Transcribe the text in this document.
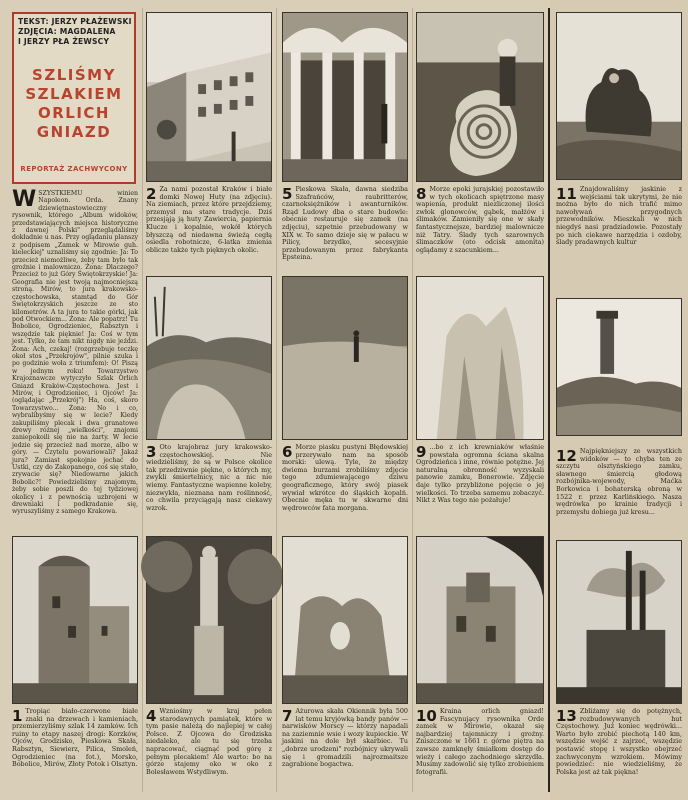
TEKST: JERZY PŁAŻEWSKI
ZDJĘCIA: MAGDALENA
I JERZY PŁA ŻEWSCY
SZLIŚMY
SZLAKIEM
ORLICH
GNIAZD
REPORTAŻ ZACHWYCONY
WSZYSTKIEMU winien Napoleon. Orda. Znany dziewiętnastowieczny rysownik, którego „Album widoków, przedstawiających miejsca historyczne z dawnej Polski" przeglądaliśmy dokładnie u nas. Przy oglądaniu planszy z podpisem „Zamek w Mirowie guh. kieleckiej" uznaliśmy się zgodnie: Ja: To przecież niemożliwe, żeby tam było tak groźnie i malowniczo. Żona: Dlaczego? Przecież to już Góry Świętokrzyskie! Ja: Geografia nie jest twoją najmocniejszą stroną. Mirów, to jura krakowsko-częstochowska, stamtąd do Gór Świętokrzyskich jeszcze ze sto kilometrów. A ta jura to takie górki, jak pod Otwockiem... Żona: Ale popatrz! Tu Bobolice, Ogrodzieniec, Rabsztyn i wszędzie tak pięknie! Ja: Coś w tym jest. Tylko, że tam nikt nigdy nie jeździ. Żona: Ach, czekaj! (rozgrzebuje teczkę okoł stos „Przekrojów", pilnie szuka i po godzinie woła z triumfem): O! Piszą w jednym roku! Towarzystwo Krajoznawcze wytyczyło Szlak Orlich Gniazd Kraków-Częstochowa. Jest i Mirów, i Ogrodzieniec, i Ojców! Ja: (oglądając „Przekrój") Ha, coś, skoro Towarzystwo... Żona: No i co, wybralibyśmy się w lecie? Kiedy zakupiliśmy plecak i dwa granatowe drewy różnej „wielkości", znajomi zaniepokoili się nie na żarty. W lecie jedzie się przecież nad morze, albo w góry. — Czytelu powariowali? Jakaż jura? Zamiast spokojnie jechać do Ustki, czy do Zakopanego, coś się stało, zrywacie się? Niedowarne jakich Bobolic?! Powiedzieliśmy znajomym, żeby sobie poszli do tej tydziowej okolicy i z pewnością uzbrojeni w drewniaki i podkradanie się, wyruszyliśmy z samego Krakowa.
2 Za nami pozostał Kraków i białe domki Nowej Huty (na zdjęciu). Na ziemiach, przez które przejdziemy, przemysł ma stare tradycje. Dziś przesjąją ją huty Zawiercia, papiernia Klucze i kopalnie, wokół których błyszczą od niedawna świeżą cegłą osiedla robotnicze, 6-latka zmienia oblicze także tych pięknych okolic.
5 Pieskowa Skała, dawna siedziba Szafrańców, raubritterów, czarnoksiężników i awanturników. Rząd Ludowy dba o stare budowle: obecnie restauruje się zamek (na zdjęciu), szpetnie przebudowany w XIX w. To samo dzieje się w pałacu w Pilicy, brzydko, secesyjnie przebudowanym przez fabrykanta Epsteina.
8 Morze epoki jurajskiej pozostawiło w tych okolicach spiętrzone masy wapienia, produkt niezliczonej ilości zwłok glonowców, gąbek, małżów i ślimaków. Zamieniły się one w skały fantastycznejsze, bardziej malownicze niż Tatry. Ślady tych szarownych ślimaczków (oto odcisk amonita) oglądamy z szacunkiem...
11 Znajdowaliśmy jaskinie z wejściami tak ukrytymi, że nie można było do nich trafić mimo nawoływań przygodnych przewodników. Mieszkali w nich niegdyś nasi pradziadowie. Pozostały po nich ciekawe narzędzia i ozdoby, ślady pradawnych kultur
3 Oto krajobraz jury krakowsko-częstochowskiej. Nie wiedzieliśmy, że są w Polsce okolice tak przedziwnie piękne, o których my, zwykli śmiertelnicy, nic a nic nie wiemy. Fantastyczne wapienne koleby, niezwykła, nieznana nam roślinność, co chwila przyciągają nasz ciekawy wzrok.
6 Morze piasku pustyni Błędowskiej przerywało nam na sposób morski: ulewą. Tyle, że między dwiema burzami zrobiliśmy zdjęcie tego zdumiewającego dziwu geograficznego, który swój piasek wywiał wkrótce do śląskich kopalń. Obecnie męka tu w skwarne dni wędrowców fata morgana.
9 ...bo z ich krewniaków właśnie powstała ogromna ściana skalna Ogrodzieńca i inne, równie potężne. Jej naturalną obronność wyzyskali panowie zamku, Bonerowie. Zdjęcie daje tylko przybliżone pojęcie o jej wielkości. To trzeba samemu zobaczyć. Nikt z Was tego nie pożałuje!
12 Najpiękniejszy ze wszystkich widoków — to chyba ten ze szczytu olsztyńskiego zamku, sławnego śmiercią głodową rozbójnika-wojewody, Maćka Borkowica i bohaterską obroną w 1522 r. przez Karlińskiego. Nasza wędrówka po krainie tradycji i przemysłu dobiega już kresu...
1 Tropiąc biało-czerwone białe znaki na drzewach i kamieniach, przemierzyliśmy szlak 14 zamków. Ich ruiny to etapy naszej drogi: Korzków, Ojców, Grodzisko, Pieskowa Skała, Rabsztyn, Siewierz, Pilica, Smoleń, Ogrodzieniec (na fot.), Morsko, Bobolice, Mirów, Złoty Potok i Olsztyn.
4 Wzniośmy w kraj pełen starodawnych pamiątek, które w tym pasie należą do najlepiej w całej Polsce. Z Ojcowa do Grodziska niedaleko, ale tu się trzeba napracować, ciągnąć pod górę z pełnym plecakiem! Ale warto: bo na górze stajemy oko w oko z Bolesławem Wstydliwym.
7 Ażurowa skała Okiennik była 500 lat temu kryjówką bandy panów — narwisków Morscy — którzy napadali na zaziemnie wsie i wozy kupieckie. W jaskini na dole był skarbiec. Tu „dobrze urodzeni" rozbójnicy ukrywali się i gromadzili najrozmaitsze zagrabione bogactwa.
10 Kraina orlich gniazd! Fascynujący rysownika Orde zamek w Mirowie, okazał się najbardziej tajemniczy i groźny. Zniszczone w 1661 r. górne piętra na zawsze zamknęły śmiałkom dostęp do wieży i całego zachodniego skrzydła. Musimy zadowolić się tylko zrobieniem fotografii.
13 Zbliżamy się do potężnych, rozbudowywanych hut Częstochowy. Już koniec wędrówki... Warto było zrobić piechotą 140 km, wszędzie wejść z zajrzeć, wszędzie postawić stopę i wszystko obejrzeć zachwyconym wzrokiem. Mówimy powiedzieć: nie wiedzieliśmy, że Polska jest aż tak piękna!
